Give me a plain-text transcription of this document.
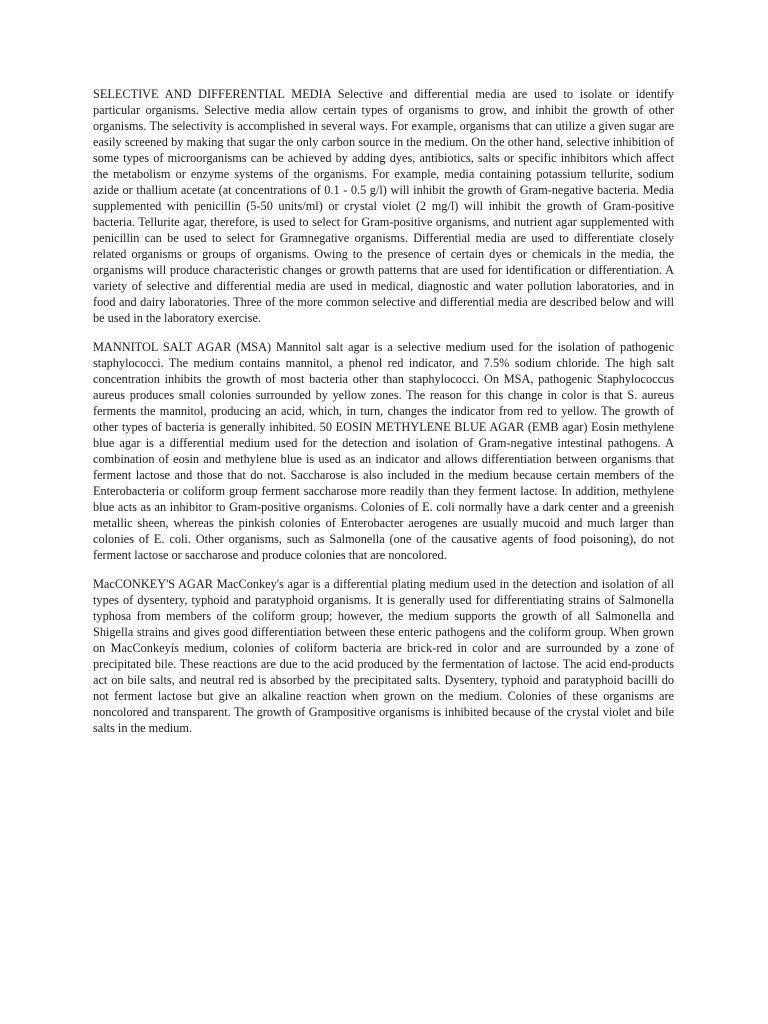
SELECTIVE AND DIFFERENTIAL MEDIA Selective and differential media are used to isolate or identify particular organisms. Selective media allow certain types of organisms to grow, and inhibit the growth of other organisms. The selectivity is accomplished in several ways. For example, organisms that can utilize a given sugar are easily screened by making that sugar the only carbon source in the medium. On the other hand, selective inhibition of some types of microorganisms can be achieved by adding dyes, antibiotics, salts or specific inhibitors which affect the metabolism or enzyme systems of the organisms. For example, media containing potassium tellurite, sodium azide or thallium acetate (at concentrations of 0.1 - 0.5 g/l) will inhibit the growth of Gram-negative bacteria. Media supplemented with penicillin (5-50 units/ml) or crystal violet (2 mg/l) will inhibit the growth of Gram-positive bacteria. Tellurite agar, therefore, is used to select for Gram-positive organisms, and nutrient agar supplemented with penicillin can be used to select for Gramnegative organisms. Differential media are used to differentiate closely related organisms or groups of organisms. Owing to the presence of certain dyes or chemicals in the media, the organisms will produce characteristic changes or growth patterns that are used for identification or differentiation. A variety of selective and differential media are used in medical, diagnostic and water pollution laboratories, and in food and dairy laboratories. Three of the more common selective and differential media are described below and will be used in the laboratory exercise.

MANNITOL SALT AGAR (MSA) Mannitol salt agar is a selective medium used for the isolation of pathogenic staphylococci. The medium contains mannitol, a phenol red indicator, and 7.5% sodium chloride. The high salt concentration inhibits the growth of most bacteria other than staphylococci. On MSA, pathogenic Staphylococcus aureus produces small colonies surrounded by yellow zones. The reason for this change in color is that S. aureus ferments the mannitol, producing an acid, which, in turn, changes the indicator from red to yellow. The growth of other types of bacteria is generally inhibited. 50 EOSIN METHYLENE BLUE AGAR (EMB agar) Eosin methylene blue agar is a differential medium used for the detection and isolation of Gram-negative intestinal pathogens. A combination of eosin and methylene blue is used as an indicator and allows differentiation between organisms that ferment lactose and those that do not. Saccharose is also included in the medium because certain members of the Enterobacteria or coliform group ferment saccharose more readily than they ferment lactose. In addition, methylene blue acts as an inhibitor to Gram-positive organisms. Colonies of E. coli normally have a dark center and a greenish metallic sheen, whereas the pinkish colonies of Enterobacter aerogenes are usually mucoid and much larger than colonies of E. coli. Other organisms, such as Salmonella (one of the causative agents of food poisoning), do not ferment lactose or saccharose and produce colonies that are noncolored.

MacCONKEY'S AGAR MacConkey's agar is a differential plating medium used in the detection and isolation of all types of dysentery, typhoid and paratyphoid organisms. It is generally used for differentiating strains of Salmonella typhosa from members of the coliform group; however, the medium supports the growth of all Salmonella and Shigella strains and gives good differentiation between these enteric pathogens and the coliform group. When grown on MacConkeyís medium, colonies of coliform bacteria are brick-red in color and are surrounded by a zone of precipitated bile. These reactions are due to the acid produced by the fermentation of lactose. The acid end-products act on bile salts, and neutral red is absorbed by the precipitated salts. Dysentery, typhoid and paratyphoid bacilli do not ferment lactose but give an alkaline reaction when grown on the medium. Colonies of these organisms are noncolored and transparent. The growth of Grampositive organisms is inhibited because of the crystal violet and bile salts in the medium.
